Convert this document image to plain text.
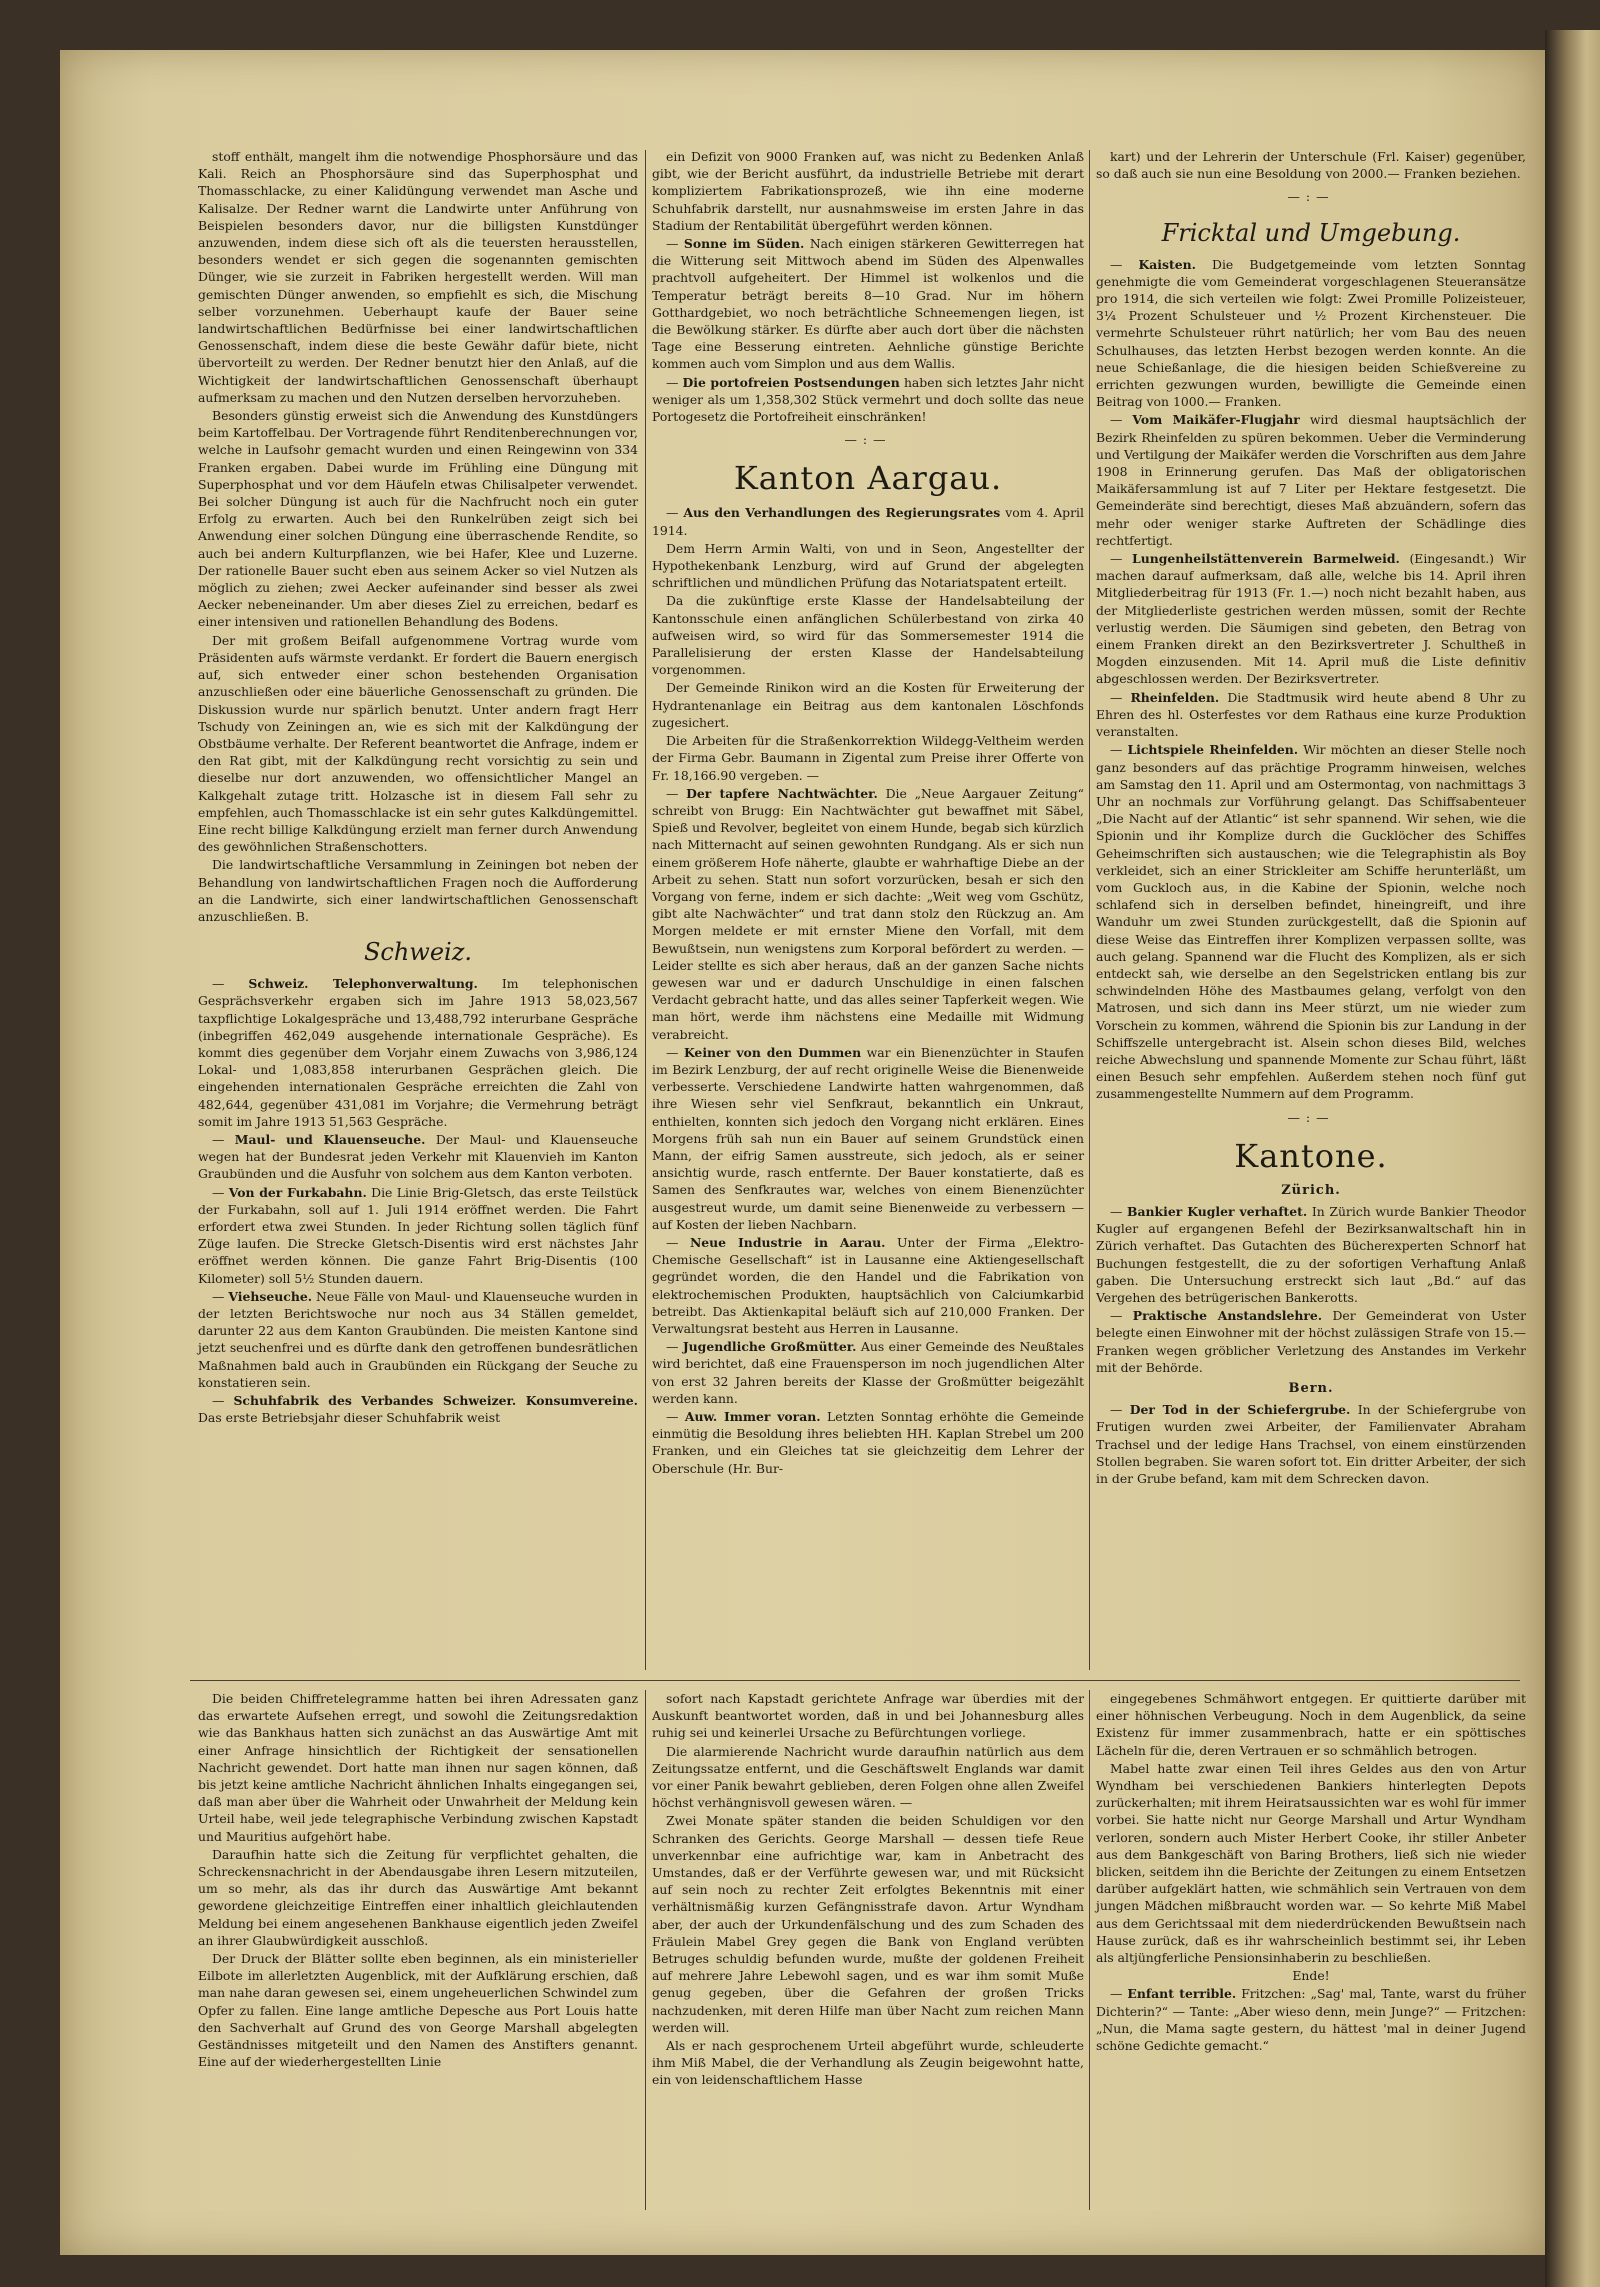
stoff enthält, mangelt ihm die notwendige Phosphorsäure und das Kali. Reich an Phosphorsäure sind das Superphosphat und Thomasschlacke, zu einer Kalidüngung verwendet man Asche und Kalisalze. Der Redner warnt die Landwirte unter Anführung von Beispielen besonders davor, nur die billigsten Kunstdünger anzuwenden, indem diese sich oft als die teuersten herausstellen, besonders wendet er sich gegen die sogenannten gemischten Dünger, wie sie zurzeit in Fabriken hergestellt werden. Will man gemischten Dünger anwenden, so empfiehlt es sich, die Mischung selber vorzunehmen. Ueberhaupt kaufe der Bauer seine landwirtschaftlichen Bedürfnisse bei einer landwirtschaftlichen Genossenschaft, indem diese die beste Gewähr dafür biete, nicht übervorteilt zu werden. Der Redner benutzt hier den Anlaß, auf die Wichtigkeit der landwirtschaftlichen Genossenschaft überhaupt aufmerksam zu machen und den Nutzen derselben hervorzuheben.

Besonders günstig erweist sich die Anwendung des Kunstdüngers beim Kartoffelbau. Der Vortragende führt Renditenberechnungen vor, welche in Laufsohr gemacht wurden und einen Reingewinn von 334 Franken ergaben. Dabei wurde im Frühling eine Düngung mit Superphosphat und vor dem Häufeln etwas Chilisalpeter verwendet. Bei solcher Düngung ist auch für die Nachfrucht noch ein guter Erfolg zu erwarten. Auch bei den Runkelrüben zeigt sich bei Anwendung einer solchen Düngung eine überraschende Rendite, so auch bei andern Kulturpflanzen, wie bei Hafer, Klee und Luzerne. Der rationelle Bauer sucht eben aus seinem Acker so viel Nutzen als möglich zu ziehen; zwei Aecker aufeinander sind besser als zwei Aecker nebeneinander. Um aber dieses Ziel zu erreichen, bedarf es einer intensiven und rationellen Behandlung des Bodens.

Der mit großem Beifall aufgenommene Vortrag wurde vom Präsidenten aufs wärmste verdankt. Er fordert die Bauern energisch auf, sich entweder einer schon bestehenden Organisation anzuschließen oder eine bäuerliche Genossenschaft zu gründen. Die Diskussion wurde nur spärlich benutzt. Unter andern fragt Herr Tschudy von Zeiningen an, wie es sich mit der Kalkdüngung der Obstbäume verhalte. Der Referent beantwortet die Anfrage, indem er den Rat gibt, mit der Kalkdüngung recht vorsichtig zu sein und dieselbe nur dort anzuwenden, wo offensichtlicher Mangel an Kalkgehalt zutage tritt. Holzasche ist in diesem Fall sehr zu empfehlen, auch Thomasschlacke ist ein sehr gutes Kalkdüngemittel. Eine recht billige Kalkdüngung erzielt man ferner durch Anwendung des gewöhnlichen Straßenschotters.

Die landwirtschaftliche Versammlung in Zeiningen bot neben der Behandlung von landwirtschaftlichen Fragen noch die Aufforderung an die Landwirte, sich einer landwirtschaftlichen Genossenschaft anzuschließen. B.

Schweiz.

— Schweiz. Telephonverwaltung. Im telephonischen Gesprächsverkehr ergaben sich im Jahre 1913 58,023,567 taxpflichtige Lokalgespräche und 13,488,792 interurbane Gespräche (inbegriffen 462,049 ausgehende internationale Gespräche). Es kommt dies gegenüber dem Vorjahr einem Zuwachs von 3,986,124 Lokal- und 1,083,858 interurbanen Gesprächen gleich. Die eingehenden internationalen Gespräche erreichten die Zahl von 482,644, gegenüber 431,081 im Vorjahre; die Vermehrung beträgt somit im Jahre 1913 51,563 Gespräche.

— Maul- und Klauenseuche. Der Maul- und Klauenseuche wegen hat der Bundesrat jeden Verkehr mit Klauenvieh im Kanton Graubünden und die Ausfuhr von solchem aus dem Kanton verboten.

— Von der Furkabahn. Die Linie Brig-Gletsch, das erste Teilstück der Furkabahn, soll auf 1. Juli 1914 eröffnet werden. Die Fahrt erfordert etwa zwei Stunden. In jeder Richtung sollen täglich fünf Züge laufen. Die Strecke Gletsch-Disentis wird erst nächstes Jahr eröffnet werden können. Die ganze Fahrt Brig-Disentis (100 Kilometer) soll 5½ Stunden dauern.

— Viehseuche. Neue Fälle von Maul- und Klauenseuche wurden in der letzten Berichtswoche nur noch aus 34 Ställen gemeldet, darunter 22 aus dem Kanton Graubünden. Die meisten Kantone sind jetzt seuchenfrei und es dürfte dank den getroffenen bundesrätlichen Maßnahmen bald auch in Graubünden ein Rückgang der Seuche zu konstatieren sein.

— Schuhfabrik des Verbandes Schweizer. Konsumvereine. Das erste Betriebsjahr dieser Schuhfabrik weist

ein Defizit von 9000 Franken auf, was nicht zu Bedenken Anlaß gibt, wie der Bericht ausführt, da industrielle Betriebe mit derart kompliziertem Fabrikationsprozeß, wie ihn eine moderne Schuhfabrik darstellt, nur ausnahmsweise im ersten Jahre in das Stadium der Rentabilität übergeführt werden können.

— Sonne im Süden. Nach einigen stärkeren Gewitterregen hat die Witterung seit Mittwoch abend im Süden des Alpenwalles prachtvoll aufgeheitert. Der Himmel ist wolkenlos und die Temperatur beträgt bereits 8—10 Grad. Nur im höhern Gotthardgebiet, wo noch beträchtliche Schneemengen liegen, ist die Bewölkung stärker. Es dürfte aber auch dort über die nächsten Tage eine Besserung eintreten. Aehnliche günstige Berichte kommen auch vom Simplon und aus dem Wallis.

— Die portofreien Postsendungen haben sich letztes Jahr nicht weniger als um 1,358,302 Stück vermehrt und doch sollte das neue Portogesetz die Portofreiheit einschränken!

—:—
Kanton Aargau.

— Aus den Verhandlungen des Regierungsrates vom 4. April 1914.

Dem Herrn Armin Walti, von und in Seon, Angestellter der Hypothekenbank Lenzburg, wird auf Grund der abgelegten schriftlichen und mündlichen Prüfung das Notariatspatent erteilt.

Da die zukünftige erste Klasse der Handelsabteilung der Kantonsschule einen anfänglichen Schülerbestand von zirka 40 aufweisen wird, so wird für das Sommersemester 1914 die Parallelisierung der ersten Klasse der Handelsabteilung vorgenommen.

Der Gemeinde Rinikon wird an die Kosten für Erweiterung der Hydrantenanlage ein Beitrag aus dem kantonalen Löschfonds zugesichert.

Die Arbeiten für die Straßenkorrektion Wildegg-Veltheim werden der Firma Gebr. Baumann in Zigental zum Preise ihrer Offerte von Fr. 18,166.90 vergeben. —

— Der tapfere Nachtwächter. Die „Neue Aargauer Zeitung“ schreibt von Brugg: Ein Nachtwächter gut bewaffnet mit Säbel, Spieß und Revolver, begleitet von einem Hunde, begab sich kürzlich nach Mitternacht auf seinen gewohnten Rundgang. Als er sich nun einem größerem Hofe näherte, glaubte er wahrhaftige Diebe an der Arbeit zu sehen. Statt nun sofort vorzurücken, besah er sich den Vorgang von ferne, indem er sich dachte: „Weit weg vom Gschütz, gibt alte Nachwächter“ und trat dann stolz den Rückzug an. Am Morgen meldete er mit ernster Miene den Vorfall, mit dem Bewußtsein, nun wenigstens zum Korporal befördert zu werden. — Leider stellte es sich aber heraus, daß an der ganzen Sache nichts gewesen war und er dadurch Unschuldige in einen falschen Verdacht gebracht hatte, und das alles seiner Tapferkeit wegen. Wie man hört, werde ihm nächstens eine Medaille mit Widmung verabreicht.

— Keiner von den Dummen war ein Bienenzüchter in Staufen im Bezirk Lenzburg, der auf recht originelle Weise die Bienenweide verbesserte. Verschiedene Landwirte hatten wahrgenommen, daß ihre Wiesen sehr viel Senfkraut, bekanntlich ein Unkraut, enthielten, konnten sich jedoch den Vorgang nicht erklären. Eines Morgens früh sah nun ein Bauer auf seinem Grundstück einen Mann, der eifrig Samen ausstreute, sich jedoch, als er seiner ansichtig wurde, rasch entfernte. Der Bauer konstatierte, daß es Samen des Senfkrautes war, welches von einem Bienenzüchter ausgestreut wurde, um damit seine Bienenweide zu verbessern — auf Kosten der lieben Nachbarn.

— Neue Industrie in Aarau. Unter der Firma „Elektro-Chemische Gesellschaft“ ist in Lausanne eine Aktiengesellschaft gegründet worden, die den Handel und die Fabrikation von elektrochemischen Produkten, hauptsächlich von Calciumkarbid betreibt. Das Aktienkapital beläuft sich auf 210,000 Franken. Der Verwaltungsrat besteht aus Herren in Lausanne.

— Jugendliche Großmütter. Aus einer Gemeinde des Neußtales wird berichtet, daß eine Frauensperson im noch jugendlichen Alter von erst 32 Jahren bereits der Klasse der Großmütter beigezählt werden kann.

— Auw. Immer voran. Letzten Sonntag erhöhte die Gemeinde einmütig die Besoldung ihres beliebten HH. Kaplan Strebel um 200 Franken, und ein Gleiches tat sie gleichzeitig dem Lehrer der Oberschule (Hr. Bur-

kart) und der Lehrerin der Unterschule (Frl. Kaiser) gegenüber, so daß auch sie nun eine Besoldung von 2000.— Franken beziehen.

—:—
Fricktal und Umgebung.

— Kaisten. Die Budgetgemeinde vom letzten Sonntag genehmigte die vom Gemeinderat vorgeschlagenen Steueransätze pro 1914, die sich verteilen wie folgt: Zwei Promille Polizeisteuer, 3¼ Prozent Schulsteuer und ½ Prozent Kirchensteuer. Die vermehrte Schulsteuer rührt natürlich; her vom Bau des neuen Schulhauses, das letzten Herbst bezogen werden konnte. An die neue Schießanlage, die die hiesigen beiden Schießvereine zu errichten gezwungen wurden, bewilligte die Gemeinde einen Beitrag von 1000.— Franken.

— Vom Maikäfer-Flugjahr wird diesmal hauptsächlich der Bezirk Rheinfelden zu spüren bekommen. Ueber die Verminderung und Vertilgung der Maikäfer werden die Vorschriften aus dem Jahre 1908 in Erinnerung gerufen. Das Maß der obligatorischen Maikäfersammlung ist auf 7 Liter per Hektare festgesetzt. Die Gemeinderäte sind berechtigt, dieses Maß abzuändern, sofern das mehr oder weniger starke Auftreten der Schädlinge dies rechtfertigt.

— Lungenheilstättenverein Barmelweid. (Eingesandt.) Wir machen darauf aufmerksam, daß alle, welche bis 14. April ihren Mitgliederbeitrag für 1913 (Fr. 1.—) noch nicht bezahlt haben, aus der Mitgliederliste gestrichen werden müssen, somit der Rechte verlustig werden. Die Säumigen sind gebeten, den Betrag von einem Franken direkt an den Bezirksvertreter J. Schultheß in Mogden einzusenden. Mit 14. April muß die Liste definitiv abgeschlossen werden. Der Bezirksvertreter.

— Rheinfelden. Die Stadtmusik wird heute abend 8 Uhr zu Ehren des hl. Osterfestes vor dem Rathaus eine kurze Produktion veranstalten.

— Lichtspiele Rheinfelden. Wir möchten an dieser Stelle noch ganz besonders auf das prächtige Programm hinweisen, welches am Samstag den 11. April und am Ostermontag, von nachmittags 3 Uhr an nochmals zur Vorführung gelangt. Das Schiffsabenteuer „Die Nacht auf der Atlantic“ ist sehr spannend. Wir sehen, wie die Spionin und ihr Komplize durch die Gucklöcher des Schiffes Geheimschriften sich austauschen; wie die Telegraphistin als Boy verkleidet, sich an einer Strickleiter am Schiffe herunterläßt, um vom Guckloch aus, in die Kabine der Spionin, welche noch schlafend sich in derselben befindet, hineingreift, und ihre Wanduhr um zwei Stunden zurückgestellt, daß die Spionin auf diese Weise das Eintreffen ihrer Komplizen verpassen sollte, was auch gelang. Spannend war die Flucht des Komplizen, als er sich entdeckt sah, wie derselbe an den Segelstricken entlang bis zur schwindelnden Höhe des Mastbaumes gelang, verfolgt von den Matrosen, und sich dann ins Meer stürzt, um nie wieder zum Vorschein zu kommen, während die Spionin bis zur Landung in der Schiffszelle untergebracht ist. Alsein schon dieses Bild, welches reiche Abwechslung und spannende Momente zur Schau führt, läßt einen Besuch sehr empfehlen. Außerdem stehen noch fünf gut zusammengestellte Nummern auf dem Programm.

—:—
Kantone.
Zürich.

— Bankier Kugler verhaftet. In Zürich wurde Bankier Theodor Kugler auf ergangenen Befehl der Bezirksanwaltschaft hin in Zürich verhaftet. Das Gutachten des Bücherexperten Schnorf hat Buchungen festgestellt, die zu der sofortigen Verhaftung Anlaß gaben. Die Untersuchung erstreckt sich laut „Bd.“ auf das Vergehen des betrügerischen Bankerotts.

— Praktische Anstandslehre. Der Gemeinderat von Uster belegte einen Einwohner mit der höchst zulässigen Strafe von 15.— Franken wegen gröblicher Verletzung des Anstandes im Verkehr mit der Behörde.

Bern.

— Der Tod in der Schiefergrube. In der Schiefergrube von Frutigen wurden zwei Arbeiter, der Familienvater Abraham Trachsel und der ledige Hans Trachsel, von einem einstürzenden Stollen begraben. Sie waren sofort tot. Ein dritter Arbeiter, der sich in der Grube befand, kam mit dem Schrecken davon.

Die beiden Chiffretelegramme hatten bei ihren Adressaten ganz das erwartete Aufsehen erregt, und sowohl die Zeitungsredaktion wie das Bankhaus hatten sich zunächst an das Auswärtige Amt mit einer Anfrage hinsichtlich der Richtigkeit der sensationellen Nachricht gewendet. Dort hatte man ihnen nur sagen können, daß bis jetzt keine amtliche Nachricht ähnlichen Inhalts eingegangen sei, daß man aber über die Wahrheit oder Unwahrheit der Meldung kein Urteil habe, weil jede telegraphische Verbindung zwischen Kapstadt und Mauritius aufgehört habe.

Daraufhin hatte sich die Zeitung für verpflichtet gehalten, die Schreckensnachricht in der Abendausgabe ihren Lesern mitzuteilen, um so mehr, als das ihr durch das Auswärtige Amt bekannt gewordene gleichzeitige Eintreffen einer inhaltlich gleichlautenden Meldung bei einem angesehenen Bankhause eigentlich jeden Zweifel an ihrer Glaubwürdigkeit ausschloß.

Der Druck der Blätter sollte eben beginnen, als ein ministerieller Eilbote im allerletzten Augenblick, mit der Aufklärung erschien, daß man nahe daran gewesen sei, einem ungeheuerlichen Schwindel zum Opfer zu fallen. Eine lange amtliche Depesche aus Port Louis hatte den Sachverhalt auf Grund des von George Marshall abgelegten Geständnisses mitgeteilt und den Namen des Anstifters genannt. Eine auf der wiederhergestellten Linie

sofort nach Kapstadt gerichtete Anfrage war überdies mit der Auskunft beantwortet worden, daß in und bei Johannesburg alles ruhig sei und keinerlei Ursache zu Befürchtungen vorliege.

Die alarmierende Nachricht wurde daraufhin natürlich aus dem Zeitungssatze entfernt, und die Geschäftswelt Englands war damit vor einer Panik bewahrt geblieben, deren Folgen ohne allen Zweifel höchst verhängnisvoll gewesen wären. —

Zwei Monate später standen die beiden Schuldigen vor den Schranken des Gerichts. George Marshall — dessen tiefe Reue unverkennbar eine aufrichtige war, kam in Anbetracht des Umstandes, daß er der Verführte gewesen war, und mit Rücksicht auf sein noch zu rechter Zeit erfolgtes Bekenntnis mit einer verhältnismäßig kurzen Gefängnisstrafe davon. Artur Wyndham aber, der auch der Urkundenfälschung und des zum Schaden des Fräulein Mabel Grey gegen die Bank von England verübten Betruges schuldig befunden wurde, mußte der goldenen Freiheit auf mehrere Jahre Lebewohl sagen, und es war ihm somit Muße genug gegeben, über die Gefahren der großen Tricks nachzudenken, mit deren Hilfe man über Nacht zum reichen Mann werden will.

Als er nach gesprochenem Urteil abgeführt wurde, schleuderte ihm Miß Mabel, die der Verhandlung als Zeugin beigewohnt hatte, ein von leidenschaftlichem Hasse

eingegebenes Schmähwort entgegen. Er quittierte darüber mit einer höhnischen Verbeugung. Noch in dem Augenblick, da seine Existenz für immer zusammenbrach, hatte er ein spöttisches Lächeln für die, deren Vertrauen er so schmählich betrogen.

Mabel hatte zwar einen Teil ihres Geldes aus den von Artur Wyndham bei verschiedenen Bankiers hinterlegten Depots zurückerhalten; mit ihrem Heiratsaussichten war es wohl für immer vorbei. Sie hatte nicht nur George Marshall und Artur Wyndham verloren, sondern auch Mister Herbert Cooke, ihr stiller Anbeter aus dem Bankgeschäft von Baring Brothers, ließ sich nie wieder blicken, seitdem ihn die Berichte der Zeitungen zu einem Entsetzen darüber aufgeklärt hatten, wie schmählich sein Vertrauen von dem jungen Mädchen mißbraucht worden war. — So kehrte Miß Mabel aus dem Gerichtssaal mit dem niederdrückenden Bewußtsein nach Hause zurück, daß es ihr wahrscheinlich bestimmt sei, ihr Leben als altjüngferliche Pensionsinhaberin zu beschließen.

Ende!

— Enfant terrible. Fritzchen: „Sag' mal, Tante, warst du früher Dichterin?“ — Tante: „Aber wieso denn, mein Junge?“ — Fritzchen: „Nun, die Mama sagte gestern, du hättest 'mal in deiner Jugend schöne Gedichte gemacht.“
